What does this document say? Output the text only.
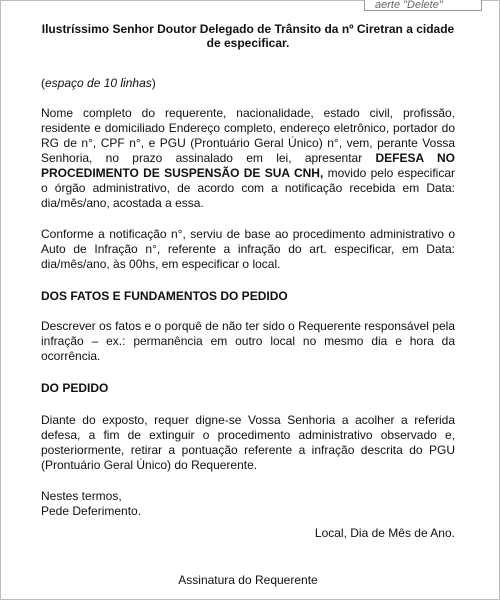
aerte "Delete"
Ilustríssimo Senhor Doutor Delegado de Trânsito da nº Ciretran a cidade
de especificar.
(espaço de 10 linhas)
Nome completo do requerente, nacionalidade, estado civil, profissão, residente e domiciliado Endereço completo, endereço eletrônico, portador do RG de n°, CPF n°, e PGU (Prontuário Geral Único) n°, vem, perante Vossa Senhoria, no prazo assinalado em lei, apresentar DEFESA NO PROCEDIMENTO DE SUSPENSÃO DE SUA CNH, movido pelo especificar o órgão administrativo, de acordo com a notificação recebida em Data: dia/mês/ano, acostada a essa.
Conforme a notificação n°, serviu de base ao procedimento administrativo o Auto de Infração n°, referente a infração do art. especificar, em Data: dia/mês/ano, às 00hs, em especificar o local.
DOS FATOS E FUNDAMENTOS DO PEDIDO
Descrever os fatos e o porquê de não ter sido o Requerente responsável pela infração – ex.: permanência em outro local no mesmo dia e hora da ocorrência.
DO PEDIDO
Diante do exposto, requer digne-se Vossa Senhoria a acolher a referida defesa, a fim de extinguir o procedimento administrativo observado e, posteriormente, retirar a pontuação referente a infração descrita do PGU (Prontuário Geral Único) do Requerente.
Nestes termos,
Pede Deferimento.
Local, Dia de Mês de Ano.
Assinatura do Requerente
